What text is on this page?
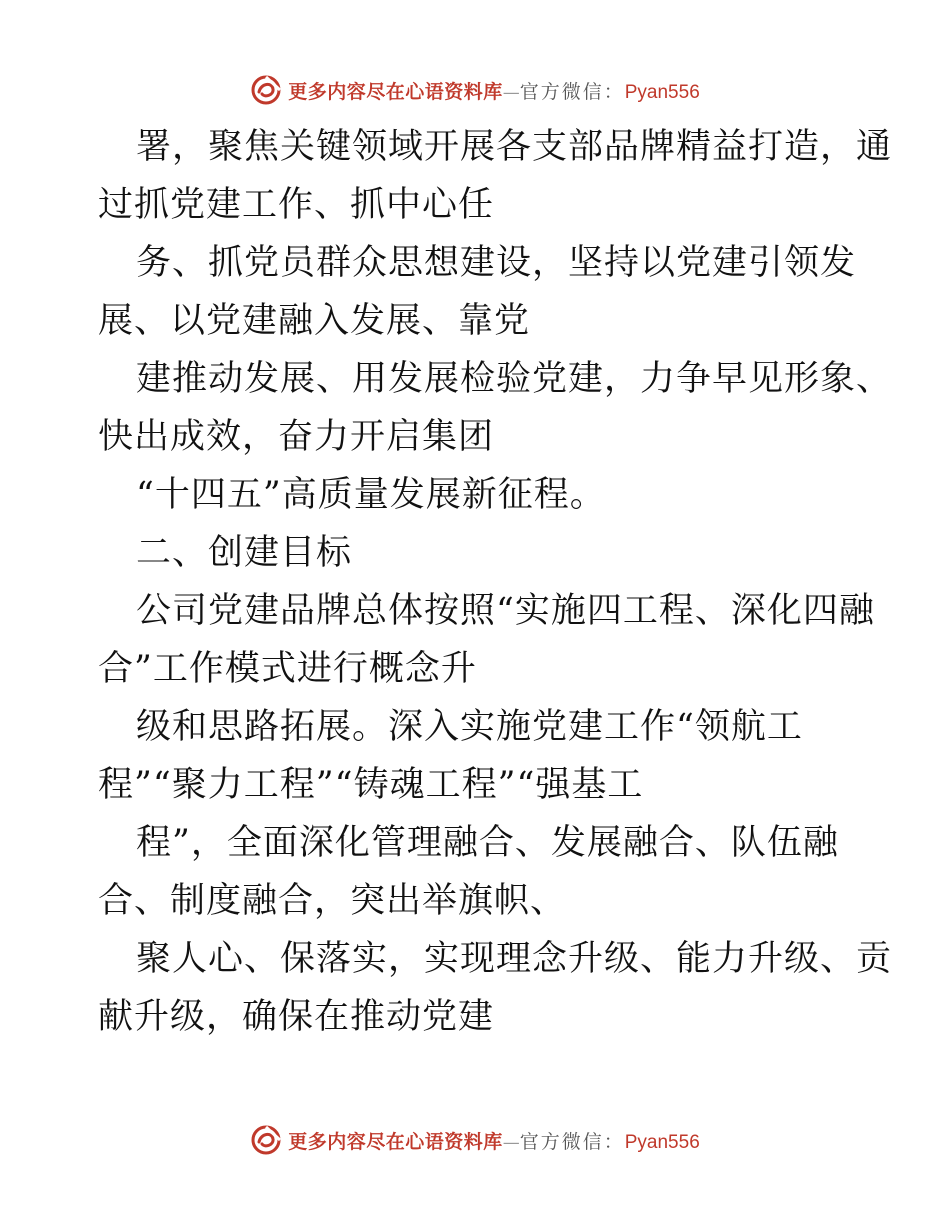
更多内容尽在心语资料库 — 官方微信： Pyan556
署，聚焦关键领域开展各支部品牌精益打造，通
过抓党建工作、抓中心任
务、抓党员群众思想建设，坚持以党建引领发
展、以党建融入发展、靠党
建推动发展、用发展检验党建，力争早见形象、
快出成效，奋力开启集团
“十四五”高质量发展新征程。
二、创建目标
公司党建品牌总体按照“实施四工程、深化四融
合”工作模式进行概念升
级和思路拓展。深入实施党建工作“领航工
程”“聚力工程”“铸魂工程”“强基工
程”，全面深化管理融合、发展融合、队伍融
合、制度融合，突出举旗帜、
聚人心、保落实，实现理念升级、能力升级、贡
献升级，确保在推动党建
更多内容尽在心语资料库 — 官方微信： Pyan556
